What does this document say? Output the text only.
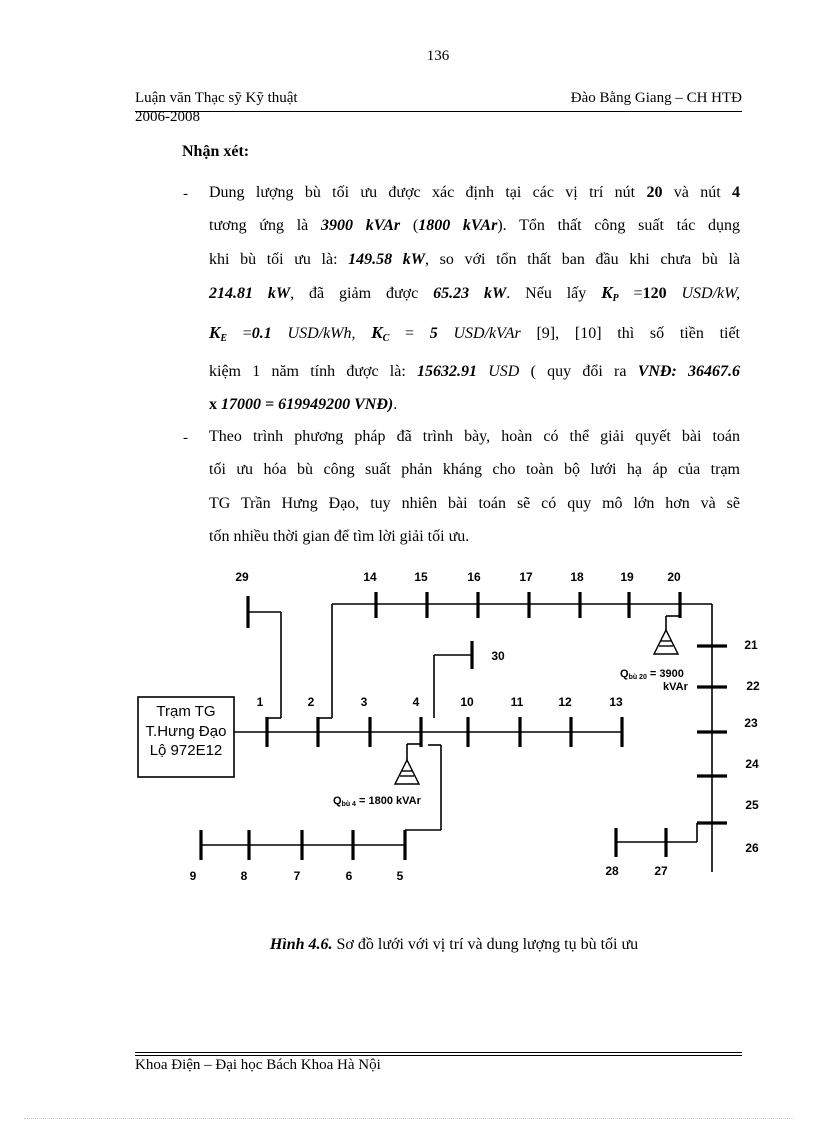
136
Luận văn Thạc sỹ Kỹ thuật
2006-2008
Đào Bằng Giang – CH HTĐ
Nhận xét:
- Dung lượng bù tối ưu được xác định tại các vị trí nút 20 và nút 4
tương ứng là 3900 kVAr (1800 kVAr). Tổn thất công suất tác dụng
khi bù tối ưu là: 149.58 kW, so với tổn thất ban đầu khi chưa bù là
214.81 kW, đã giảm được 65.23 kW. Nếu lấy $K_P =120$ USD/kW,
$K_E =0.1$ USD/kWh, $K_C = 5$ USD/kVAr [9], [10] thì số tiền tiết
kiệm 1 năm tính được là: 15632.91 USD ( quy đổi ra VNĐ: 36467.6
x 17000 = 619949200 VNĐ).
- Theo trình phương pháp đã trình bày, hoàn có thể giải quyết bài toán
tối ưu hóa bù công suất phản kháng cho toàn bộ lưới hạ áp của trạm
TG Trần Hưng Đạo, tuy nhiên bài toán sẽ có quy mô lớn hơn và sẽ
tốn nhiều thời gian để tìm lời giải tối ưu.
Trạm TG
T.Hưng Đạo
Lộ 972E12
1	2	3	4
5
6
7
8
9
10	11	12	13
14	15	16	17	18	19	20
21
22
23
24
25
26
27
28
29
30
Qbù 20 = 3900
kVAr
Qbù 4 = 1800 kVAr
Hình 4.6. Sơ đồ lưới với vị trí và dung lượng tụ bù tối ưu
Khoa Điện – Đại học Bách Khoa Hà Nội
